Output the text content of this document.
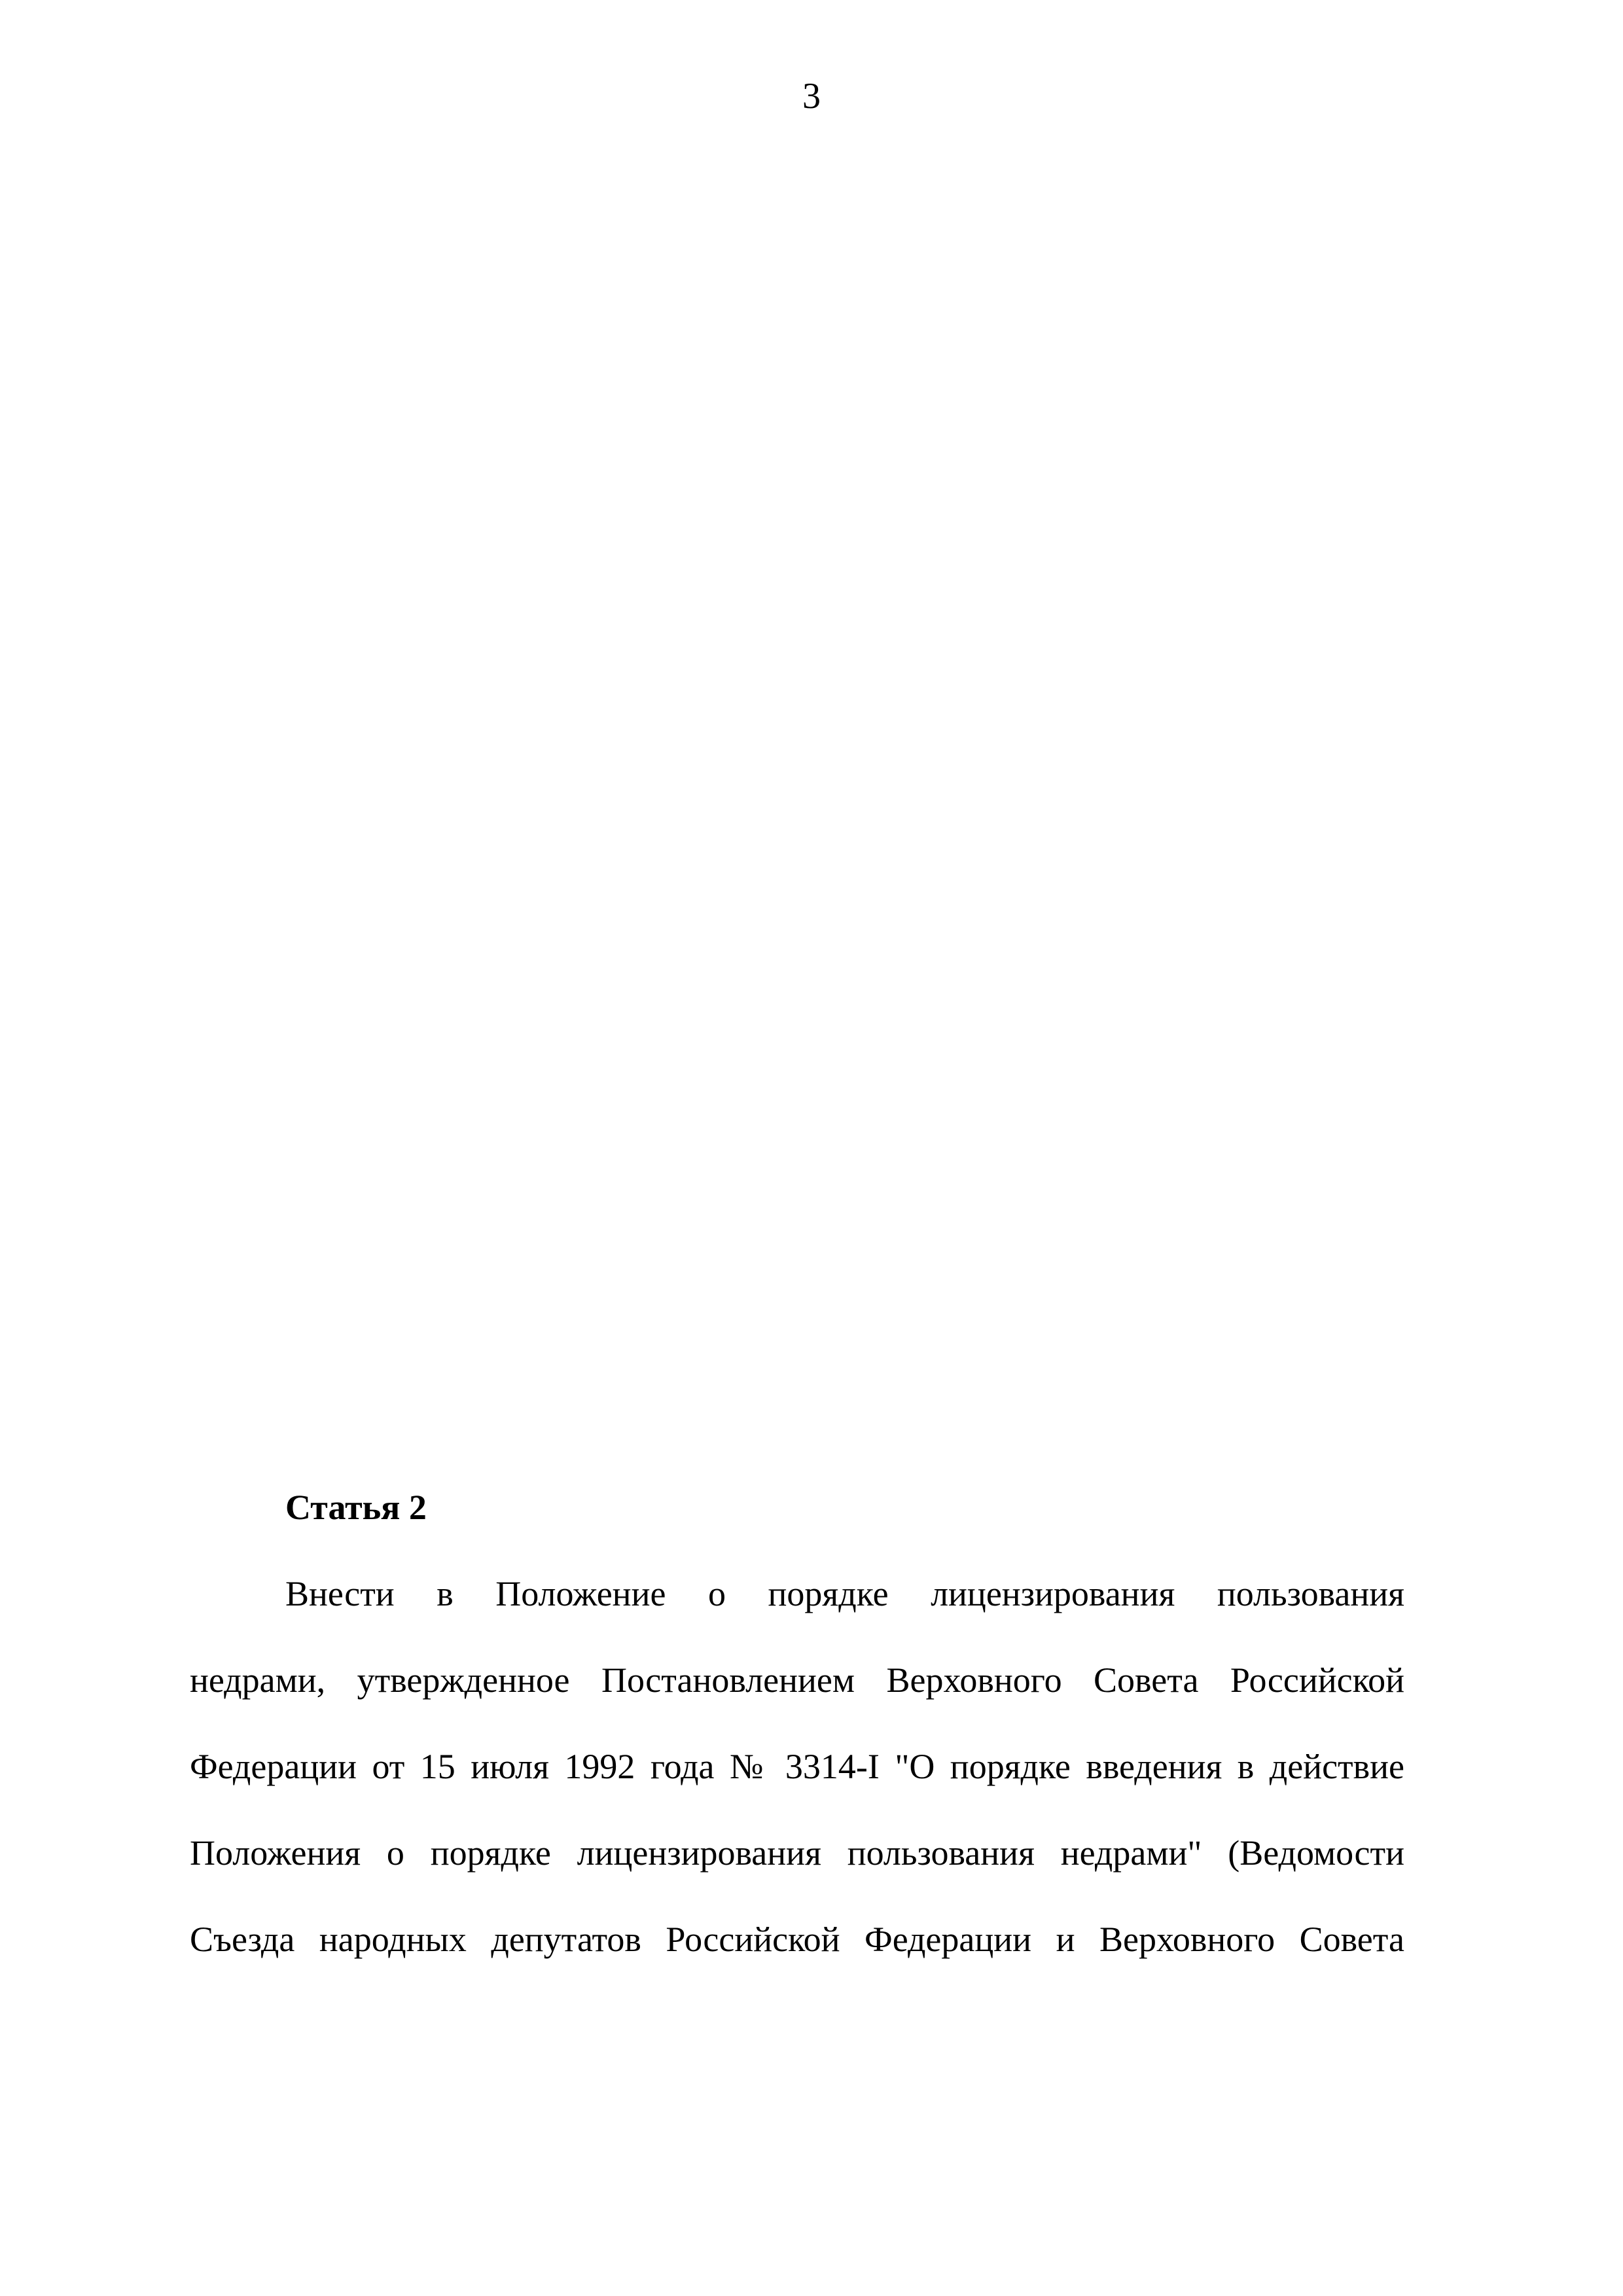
3
Статья 2
Внести в Положение о порядке лицензирования пользования
недрами, утвержденное Постановлением Верховного Совета Российской
Федерации от 15 июля 1992 года № 3314-I "О порядке введения в действие
Положения о порядке лицензирования пользования недрами" (Ведомости
Съезда народных депутатов Российской Федерации и Верховного Совета
